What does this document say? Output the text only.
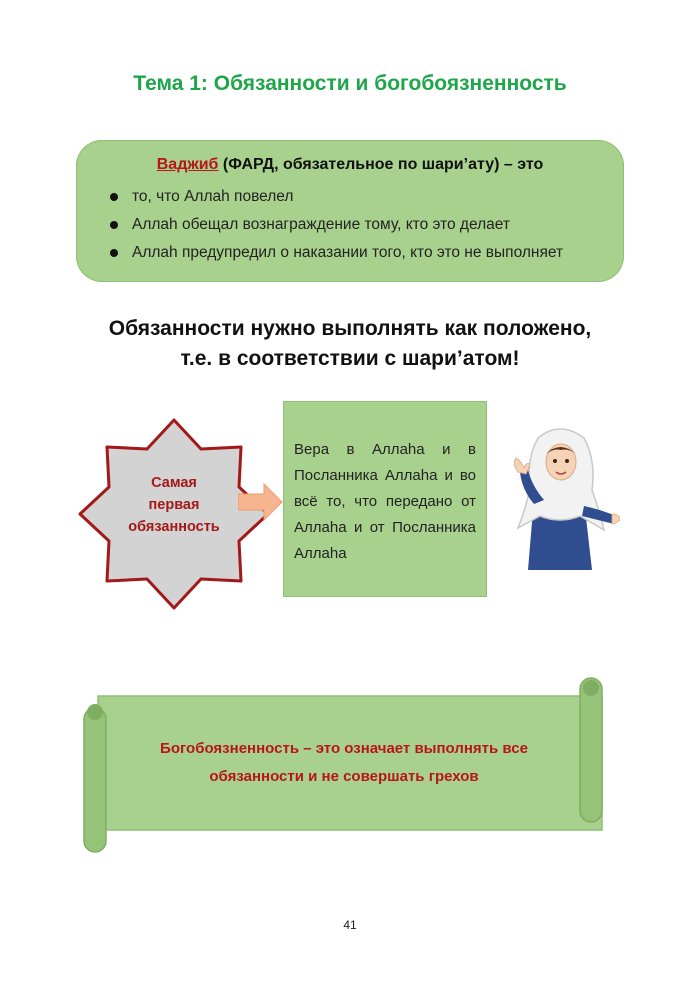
Тема 1: Обязанности и богобоязненность
Ваджиб (ФАРД, обязательное по шари’ату) – это
то, что Аллаh повелел
Аллаh обещал вознаграждение тому, кто это делает
Аллаh предупредил о наказании того, кто это не выполняет
Обязанности нужно выполнять как положено,
т.е. в соответствии с шари’атом!
Самая
первая
обязанность
Вера в Аллаhа и в Посланника Аллаhа и во всё то, что передано от Аллаhа и от Посланника Аллаhа
Богобоязненность – это означает выполнять все
обязанности и не совершать грехов
41
